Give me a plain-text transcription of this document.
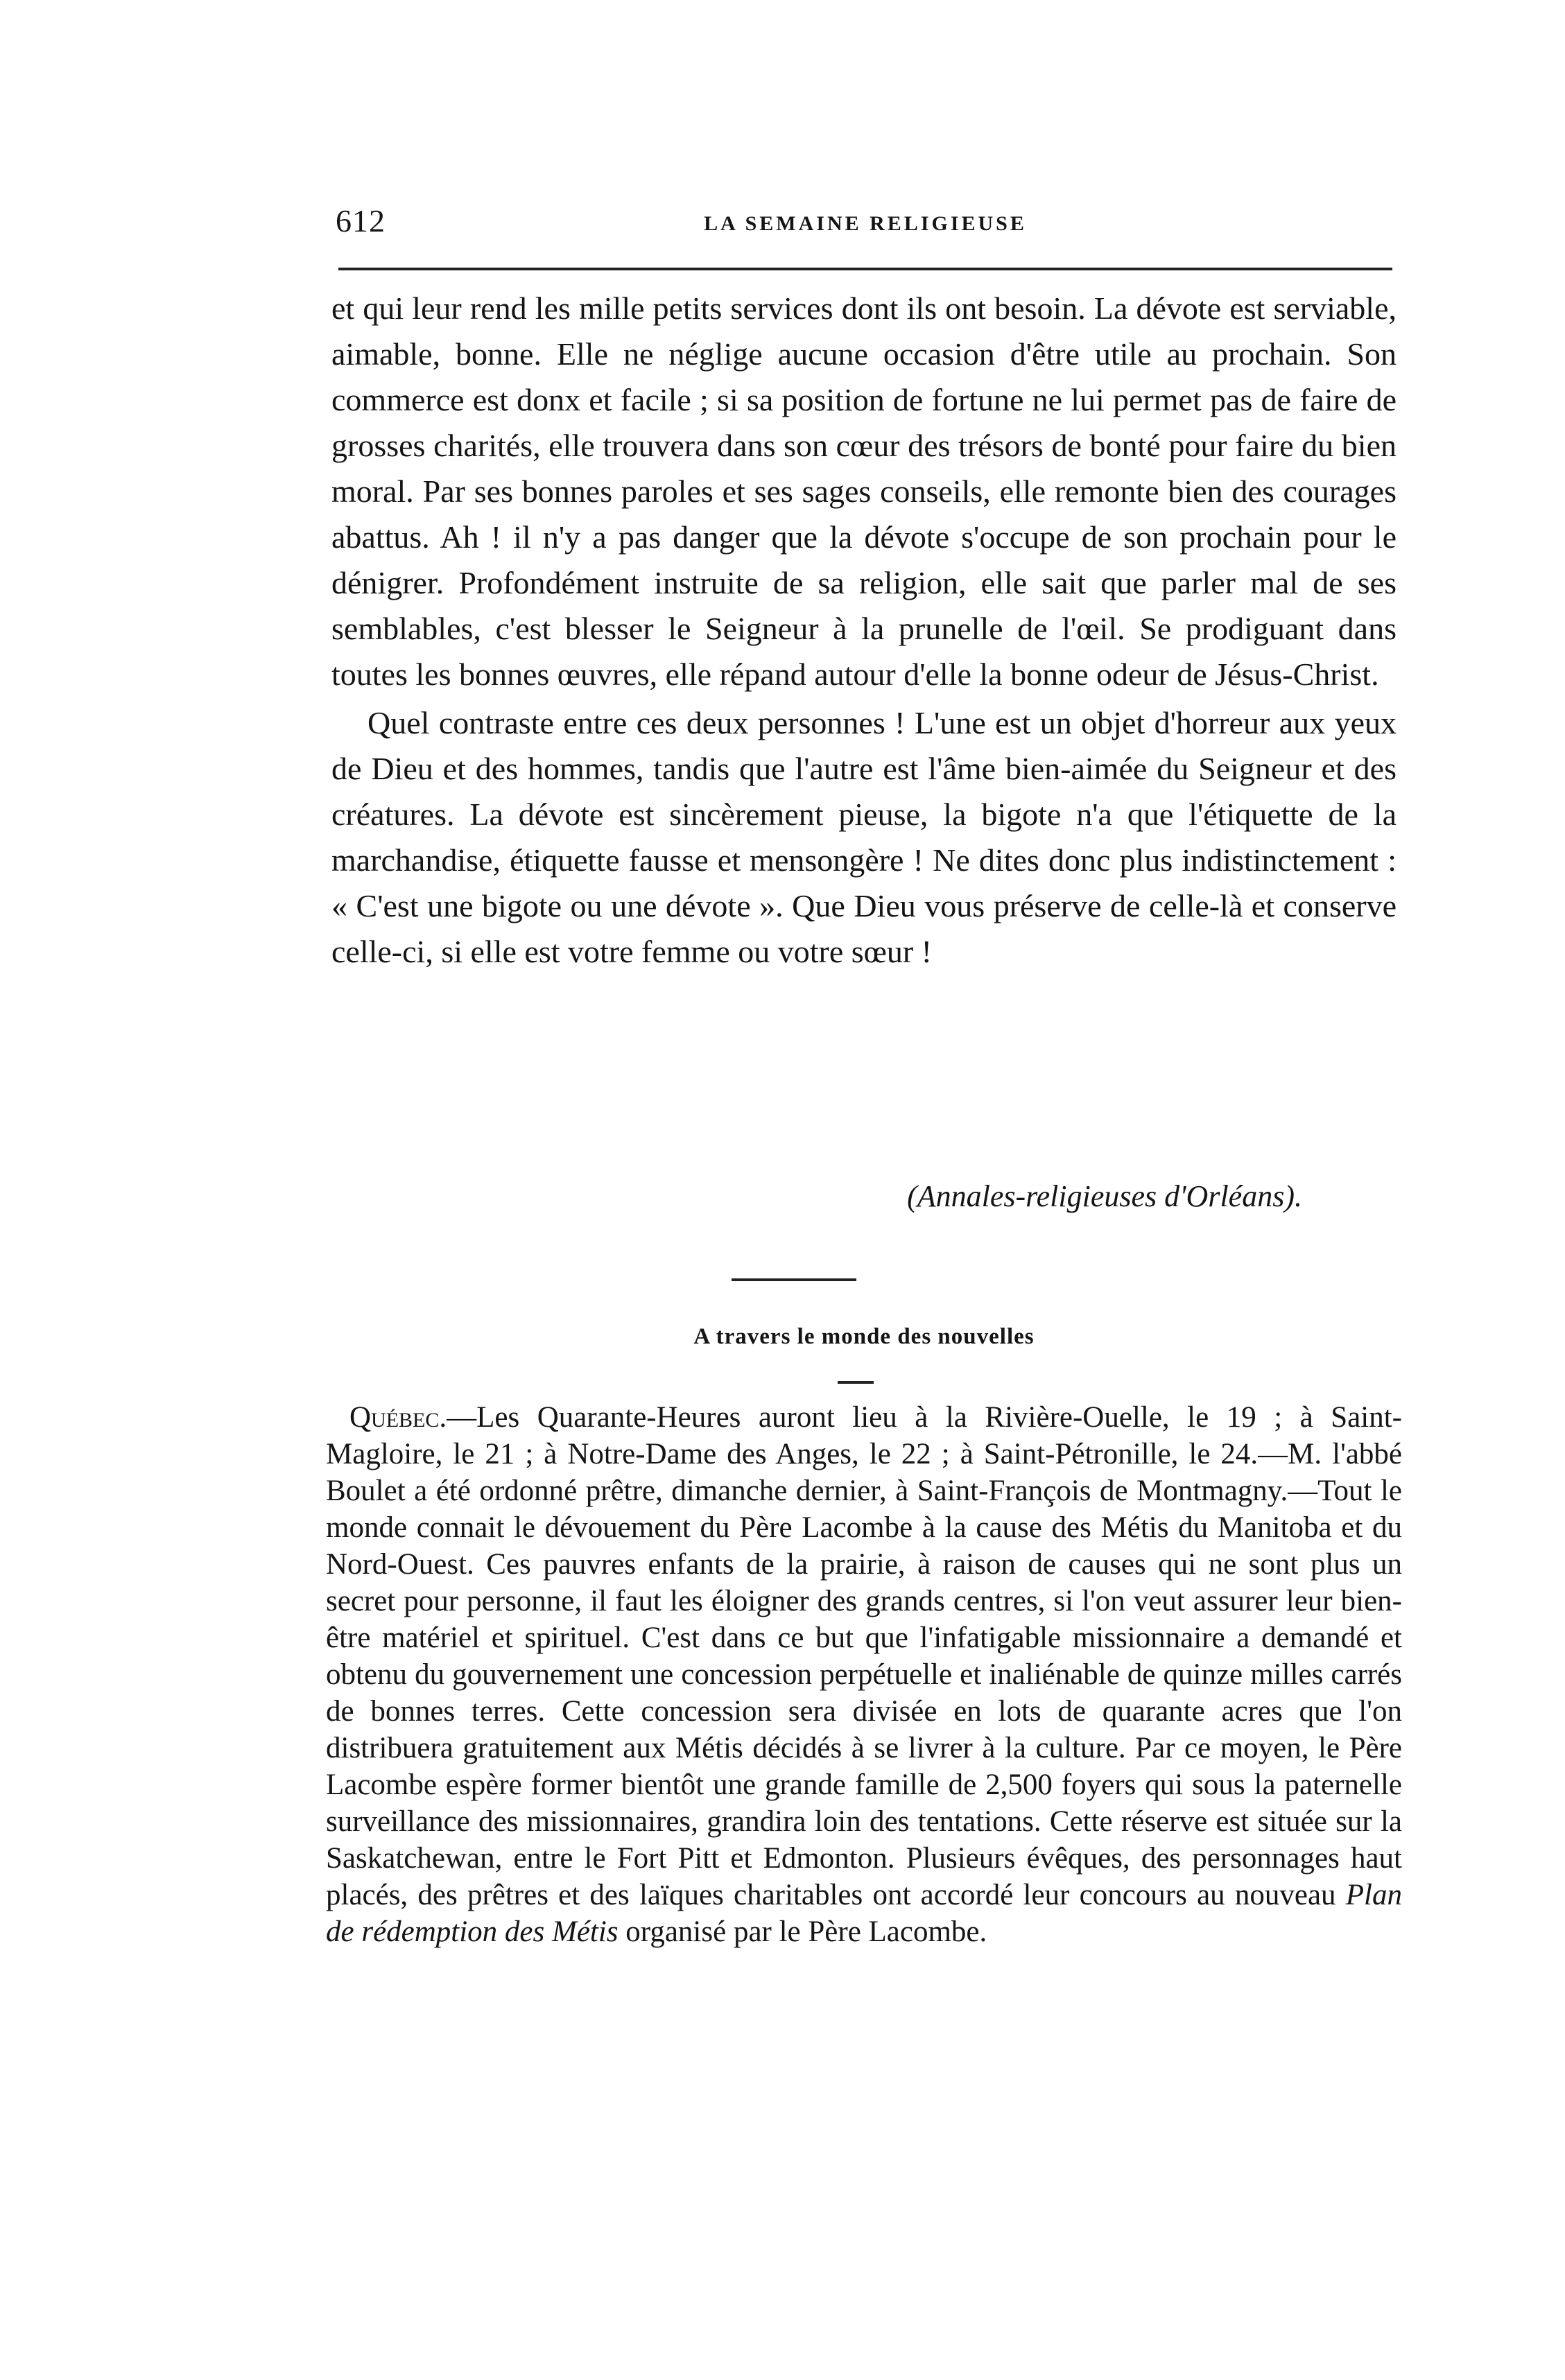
612	LA SEMAINE RELIGIEUSE

et qui leur rend les mille petits services dont ils ont besoin. La dévote est serviable, aimable, bonne. Elle ne néglige aucune occasion d'être utile au prochain. Son commerce est donx et facile ; si sa position de fortune ne lui permet pas de faire de grosses charités, elle trouvera dans son cœur des trésors de bonté pour faire du bien moral. Par ses bonnes paroles et ses sages conseils, elle remonte bien des courages abattus. Ah ! il n'y a pas danger que la dévote s'occupe de son prochain pour le dénigrer. Profondément instruite de sa religion, elle sait que parler mal de ses semblables, c'est blesser le Seigneur à la prunelle de l'œil. Se prodiguant dans toutes les bonnes œuvres, elle répand autour d'elle la bonne odeur de Jésus-Christ.

Quel contraste entre ces deux personnes ! L'une est un objet d'horreur aux yeux de Dieu et des hommes, tandis que l'autre est l'âme bien-aimée du Seigneur et des créatures. La dévote est sincèrement pieuse, la bigote n'a que l'étiquette de la marchandise, étiquette fausse et mensongère ! Ne dites donc plus indistinctement : « C'est une bigote ou une dévote ». Que Dieu vous préserve de celle-là et conserve celle-ci, si elle est votre femme ou votre sœur !

(Annales-religieuses d'Orléans).
A travers le monde des nouvelles
Québec.—Les Quarante-Heures auront lieu à la Rivière-Ouelle, le 19 ; à Saint-Magloire, le 21 ; à Notre-Dame des Anges, le 22 ; à Saint-Pétronille, le 24.—M. l'abbé Boulet a été ordonné prêtre, dimanche dernier, à Saint-François de Montmagny.—Tout le monde connait le dévouement du Père Lacombe à la cause des Métis du Manitoba et du Nord-Ouest. Ces pauvres enfants de la prairie, à raison de causes qui ne sont plus un secret pour personne, il faut les éloigner des grands centres, si l'on veut assurer leur bien-être matériel et spirituel. C'est dans ce but que l'infatigable missionnaire a demandé et obtenu du gouvernement une concession perpétuelle et inaliénable de quinze milles carrés de bonnes terres. Cette concession sera divisée en lots de quarante acres que l'on distribuera gratuitement aux Métis décidés à se livrer à la culture. Par ce moyen, le Père Lacombe espère former bientôt une grande famille de 2,500 foyers qui sous la paternelle surveillance des missionnaires, grandira loin des tentations. Cette réserve est située sur la Saskatchewan, entre le Fort Pitt et Edmonton. Plusieurs évêques, des personnages haut placés, des prêtres et des laïques charitables ont accordé leur concours au nouveau Plan de rédemption des Métis organisé par le Père Lacombe.
